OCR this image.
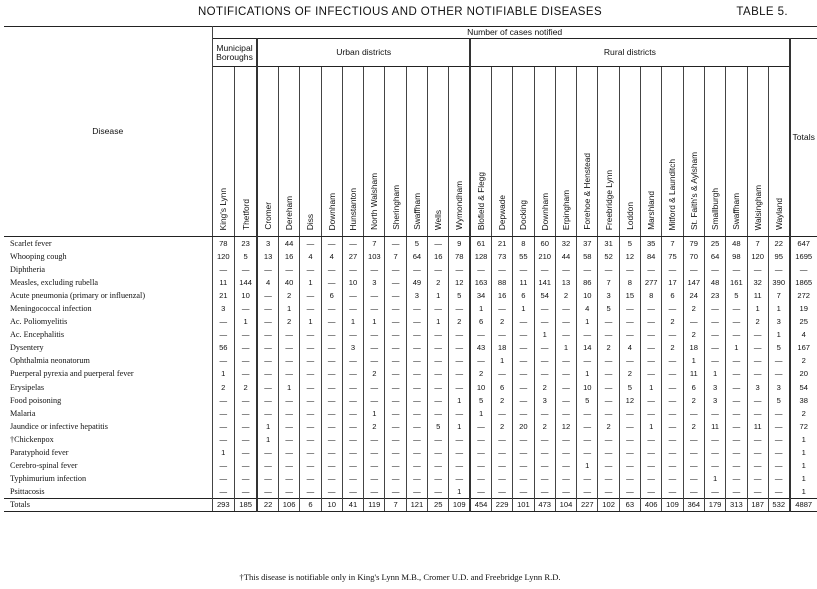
NOTIFICATIONS OF INFECTIOUS AND OTHER NOTIFIABLE DISEASES	TABLE 5.
Disease	Number of cases notified																											
	Municipal Boroughs		Urban districts										Rural districts															Totals
	King's Lynn	Thetford	Cromer	Dereham	Diss	Downham	Hunstanton	North Walsham	Sheringham	Swaffham	Wells	Wymondham	Blofield & Flegg	Depwade	Docking	Downham	Erpingham	Forehoe & Henstead	Freebridge Lynn	Loddon	Marshland	Mitford & Launditch	St. Faith's & Aylsham	Smallburgh	Swaffham	Walsingham	Wayland	
Scarlet fever	78	23	3	44	—	—	—	7	—	5	—	9	61	21	8	60	32	37	31	5	35	7	79	25	48	7	22	647
Whooping cough	120	5	13	16	4	4	27	103	7	64	16	78	128	73	55	210	44	58	52	12	84	75	70	64	98	120	95	1695
Diphtheria	—	—	—	—	—	—	—	—	—	—	—	—	—	—	—	—	—	—	—	—	—	—	—	—	—	—	—	—
Measles, excluding rubella	11	144	4	40	1	—	10	3	—	49	2	12	163	88	11	141	13	86	7	8	277	17	147	48	161	32	390	1865
Acute pneumonia (primary or influenzal)	21	10	—	2	—	6	—	—	—	3	1	5	34	16	6	54	2	10	3	15	8	6	24	23	5	11	7	272
Meningococcal infection	3	—	—	1	—	—	—	—	—	—	—	—	1	—	1	—	—	4	5	—	—	—	2	—	—	1	1	19
Ac. Poliomyelitis	—	1	—	2	1	—	1	1	—	—	1	2	6	2	—	—	—	1	—	—	—	2	—	—	—	2	3	25
Ac. Encephalitis	—	—	—	—	—	—	—	—	—	—	—	—	—	—	—	1	—	—	—	—	—	—	2	—	—	—	1	4
Dysentery	56	—	—	—	—	—	3	—	—	—	—	—	43	18	—	—	1	14	2	4	—	2	18	—	1	—	5	167
Ophthalmia neonatorum	—	—	—	—	—	—	—	—	—	—	—	—	—	1	—	—	—	—	—	—	—	—	1	—	—	—	—	2
Puerperal pyrexia and puerperal fever	1	—	—	—	—	—	—	2	—	—	—	—	2	—	—	—	—	1	—	2	—	—	11	1	—	—	—	20
Erysipelas	2	2	—	1	—	—	—	—	—	—	—	—	10	6	—	2	—	10	—	5	1	—	6	3	—	3	3	54
Food poisoning	—	—	—	—	—	—	—	—	—	—	—	1	5	2	—	3	—	5	—	12	—	—	2	3	—	—	5	38
Malaria	—	—	—	—	—	—	—	1	—	—	—	—	1	—	—	—	—	—	—	—	—	—	—	—	—	—	—	2
Jaundice or infective hepatitis	—	—	1	—	—	—	—	2	—	—	5	1	—	2	20	2	12	—	2	—	1	—	2	11	—	11	—	72
†Chickenpox	—	—	1	—	—	—	—	—	—	—	—	—	—	—	—	—	—	—	—	—	—	—	—	—	—	—	—	1
Paratyphoid fever	1	—	—	—	—	—	—	—	—	—	—	—	—	—	—	—	—	—	—	—	—	—	—	—	—	—	—	1
Cerebro-spinal fever	—	—	—	—	—	—	—	—	—	—	—	—	—	—	—	—	—	1	—	—	—	—	—	—	—	—	—	1
Typhimurium infection	—	—	—	—	—	—	—	—	—	—	—	—	—	—	—	—	—	—	—	—	—	—	—	1	—	—	—	1
Psittacosis	—	—	—	—	—	—	—	—	—	—	—	1	—	—	—	—	—	—	—	—	—	—	—	—	—	—	—	1
Totals	293	185	22	106	6	10	41	119	7	121	25	109	454	229	101	473	104	227	102	63	406	109	364	179	313	187	532	4887
†This disease is notifiable only in King's Lynn M.B., Cromer U.D. and Freebridge Lynn R.D.
